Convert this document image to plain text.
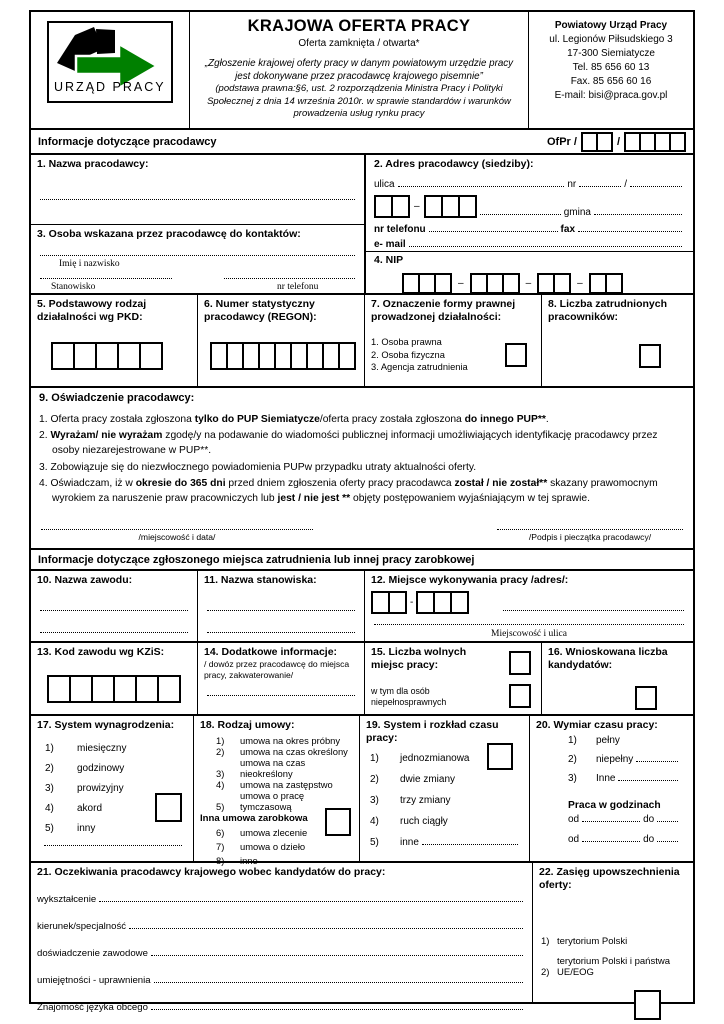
URZĄD PRACY
KRAJOWA OFERTA PRACY
Oferta zamknięta / otwarta*
„Zgłoszenie krajowej oferty pracy w danym powiatowym urzędzie pracy jest dokonywane przez pracodawcę krajowego pisemnie”
(podstawa prawna:§6, ust. 2 rozporządzenia Ministra Pracy i Polityki Społecznej z dnia 14 września 2010r. w sprawie standardów i warunków prowadzenia usług rynku pracy
Powiatowy Urząd Pracy
ul. Legionów Piłsudskiego 3
17-300 Siemiatycze
Tel. 85 656 60 13
Fax. 85 656 60 16
E-mail: bisi@praca.gov.pl
Informacje dotyczące pracodawcy	OfPr /	/
1. Nazwa pracodawcy:
3. Osoba wskazana przez pracodawcę do kontaktów:
Imię i nazwisko
Stanowisko	nr telefonu
2. Adres pracodawcy (siedziby):
ulica	nr	/
–
gmina
nr telefonu	fax
e- mail
4. NIP
–	–	–
5. Podstawowy rodzaj działalności wg PKD:
6. Numer statystyczny pracodawcy (REGON):
7. Oznaczenie formy prawnej prowadzonej działalności:
1. Osoba prawna
2. Osoba fizyczna
3. Agencja zatrudnienia
8. Liczba zatrudnionych pracowników:
9. Oświadczenie pracodawcy:
1. Oferta pracy została zgłoszona tylko do PUP Siemiatycze/oferta pracy została zgłoszona do innego PUP**.
2. Wyrażam/ nie wyrażam zgodę/y na podawanie do wiadomości publicznej informacji umożliwiających identyfikację pracodawcy przez osoby niezarejestrowane w PUP**.
3. Zobowiązuje się do niezwłocznego powiadomienia PUPw przypadku utraty aktualności oferty.
4. Oświadczam, iż w okresie do 365 dni przed dniem zgłoszenia oferty pracy pracodawca został / nie został** skazany prawomocnym wyrokiem za naruszenie praw pracowniczych lub jest / nie jest ** objęty postępowaniem wyjaśniającym w tej sprawie.
/miejscowość i data/	/Podpis i pieczątka pracodawcy/
Informacje dotyczące zgłoszonego miejsca zatrudnienia lub innej pracy zarobkowej
10. Nazwa zawodu:	11. Nazwa stanowiska:	12. Miejsce wykonywania pracy /adres/:
-
Miejscowość i ulica
13. Kod zawodu wg KZiS:	14. Dodatkowe informacje:
/ dowóz przez pracodawcę do miejsca pracy, zakwaterowanie/
15. Liczba wolnych miejsc pracy:
w tym dla osób niepełnosprawnych
16. Wnioskowana liczba kandydatów:
17. System wynagrodzenia:
1)	miesięczny
2)	godzinowy
3)	prowizyjny
4)	akord
5)	inny
18. Rodzaj umowy:
1)	umowa na okres próbny
2)	umowa na czas określony
3)
umowa na czas nieokreślony
4)	umowa na zastępstwo
5)
umowa o pracę tymczasową
Inna umowa zarobkowa
6)	umowa zlecenie
7)	umowa o dzieło
8)	inne
19. System i rozkład czasu pracy:
1)	jednozmianowa
2)	dwie zmiany
3)	trzy zmiany
4)	ruch ciągły
5)	inne
20. Wymiar czasu pracy:
1)	pełny
2)	niepełny
3)	Inne
Praca w godzinach
od	do
od	do
21. Oczekiwania pracodawcy krajowego wobec kandydatów do pracy:
wykształcenie
kierunek/specjalność
doświadczenie zawodowe
umiejętności - uprawnienia
Znajomość języka obcego
22. Zasięg upowszechnienia
oferty:
1) terytorium Polski
2)
terytorium Polski i państwa UE/EOG
